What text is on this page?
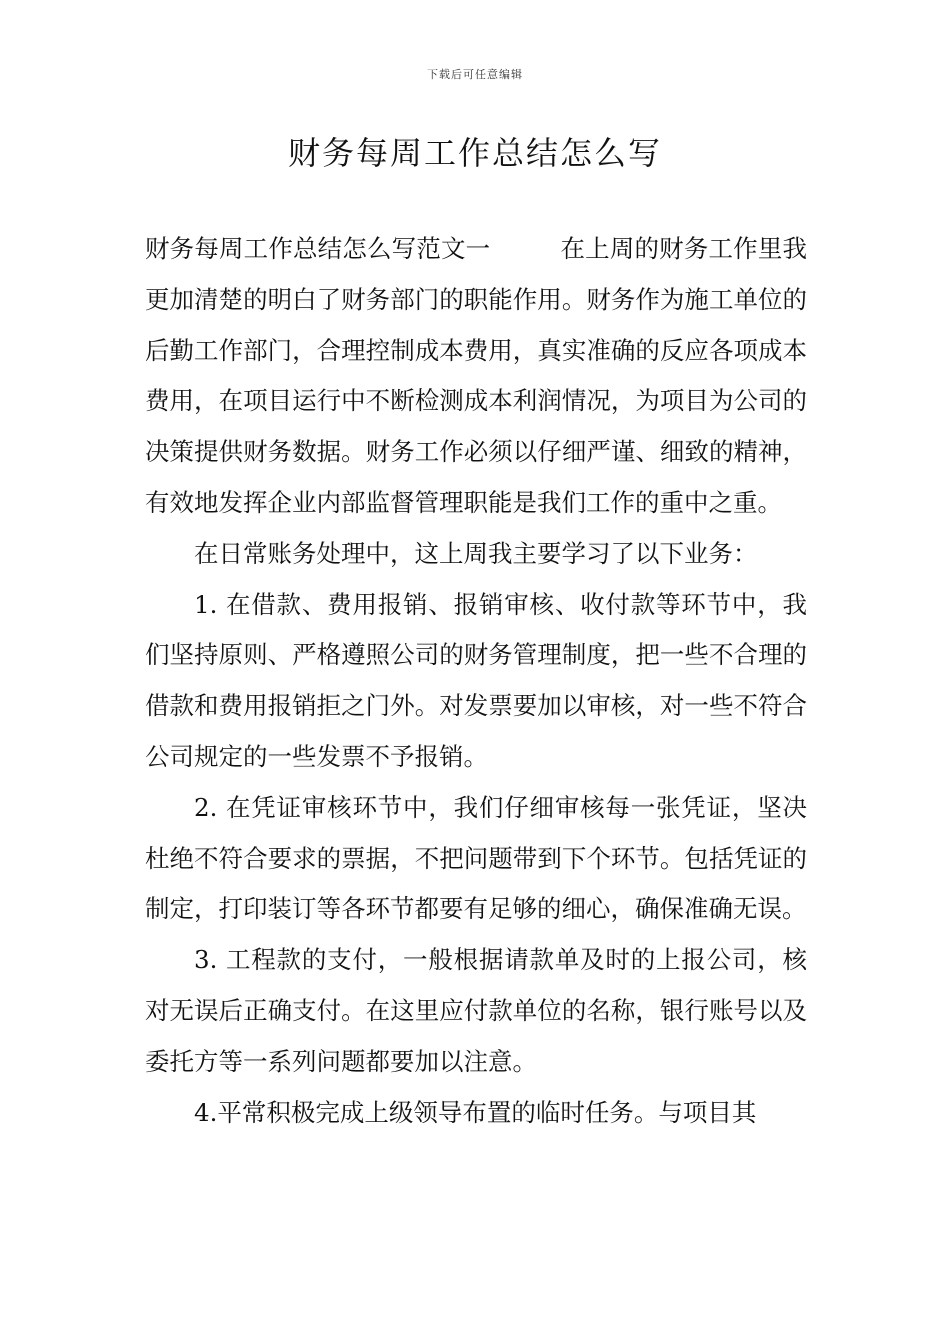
下载后可任意编辑
财务每周工作总结怎么写

财务每周工作总结怎么写范文一	在上周的财务工作里我更加清楚的明白了财务部门的职能作用。财务作为施工单位的后勤工作部门，合理控制成本费用，真实准确的反应各项成本费用，在项目运行中不断检测成本利润情况，为项目为公司的决策提供财务数据。财务工作必须以仔细严谨、细致的精神，有效地发挥企业内部监督管理职能是我们工作的重中之重。

在日常账务处理中，这上周我主要学习了以下业务：

1. 在借款、费用报销、报销审核、收付款等环节中，我们坚持原则、严格遵照公司的财务管理制度，把一些不合理的借款和费用报销拒之门外。对发票要加以审核，对一些不符合公司规定的一些发票不予报销。

2. 在凭证审核环节中，我们仔细审核每一张凭证，坚决杜绝不符合要求的票据，不把问题带到下个环节。包括凭证的制定，打印装订等各环节都要有足够的细心，确保准确无误。

3. 工程款的支付，一般根据请款单及时的上报公司，核对无误后正确支付。在这里应付款单位的名称，银行账号以及委托方等一系列问题都要加以注意。

4.平常积极完成上级领导布置的临时任务。与项目其
